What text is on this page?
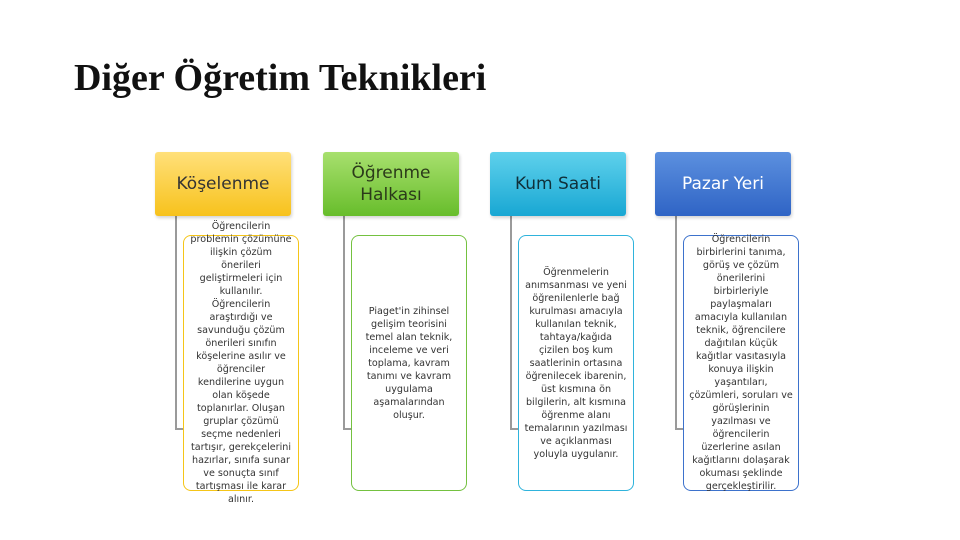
Diğer Öğretim Teknikleri
Köşelenme
Öğrencilerin problemin çözümüne ilişkin çözüm önerileri geliştirmeleri için kullanılır. Öğrencilerin araştırdığı ve savunduğu çözüm önerileri sınıfın köşelerine asılır ve öğrenciler kendilerine uygun olan köşede toplanırlar. Oluşan gruplar çözümü seçme nedenleri tartışır, gerekçelerini hazırlar, sınıfa sunar ve sonuçta sınıf tartışması ile karar alınır.
Öğrenme Halkası
Piaget'in zihinsel gelişim teorisini temel alan teknik, inceleme ve veri toplama, kavram tanımı ve kavram uygulama aşamalarından oluşur.
Kum Saati
Öğrenmelerin anımsanması ve yeni öğrenilenlerle bağ kurulması amacıyla kullanılan teknik, tahtaya/kağıda çizilen boş kum saatlerinin ortasına öğrenilecek ibarenin, üst kısmına ön bilgilerin, alt kısmına öğrenme alanı temalarının yazılması ve açıklanması yoluyla uygulanır.
Pazar Yeri
Öğrencilerin birbirlerini tanıma, görüş ve çözüm önerilerini birbirleriyle paylaşmaları amacıyla kullanılan teknik, öğrencilere dağıtılan küçük kağıtlar vasıtasıyla konuya ilişkin yaşantıları, çözümleri, soruları ve görüşlerinin yazılması ve öğrencilerin üzerlerine asılan kağıtlarını dolaşarak okuması şeklinde gerçekleştirilir.
